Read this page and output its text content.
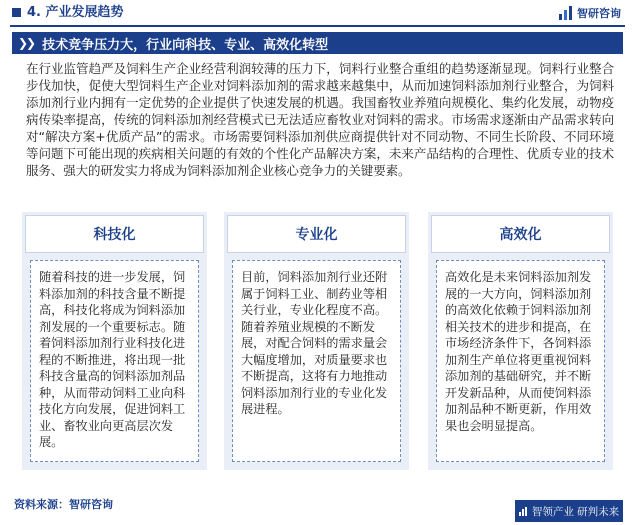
4. 产业发展趋势	智研咨询
❯❯ 技术竞争压力大，行业向科技、专业、高效化转型

在行业监管趋严及饲料生产企业经营利润较薄的压力下，饲料行业整合重组的趋势逐渐显现。饲料行业整合步伐加快，促使大型饲料生产企业对饲料添加剂的需求越来越集中，从而加速饲料添加剂行业整合，为饲料添加剂行业内拥有一定优势的企业提供了快速发展的机遇。我国畜牧业养殖向规模化、集约化发展，动物疫病传染率提高，传统的饲料添加剂经营模式已无法适应畜牧业对饲料的需求。市场需求逐渐由产品需求转向对“解决方案+优质产品”的需求。市场需要饲料添加剂供应商提供针对不同动物、不同生长阶段、不同环境等问题下可能出现的疾病相关问题的有效的个性化产品解决方案，未来产品结构的合理性、优质专业的技术服务、强大的研发实力将成为饲料添加剂企业核心竞争力的关键要素。

科技化
随着科技的进一步发展，饲料添加剂的科技含量不断提高，科技化将成为饲料添加剂发展的一个重要标志。随着饲料添加剂行业科技化进程的不断推进，将出现一批科技含量高的饲料添加剂品种，从而带动饲料工业向科技化方向发展，促进饲料工业、畜牧业向更高层次发展。
专业化
目前，饲料添加剂行业还附属于饲料工业、制药业等相关行业，专业化程度不高。随着养殖业规模的不断发展，对配合饲料的需求量会大幅度增加，对质量要求也不断提高，这将有力地推动饲料添加剂行业的专业化发展进程。
高效化
高效化是未来饲料添加剂发展的一大方向，饲料添加剂的高效化依赖于饲料添加剂相关技术的进步和提高，在市场经济条件下，各饲料添加剂生产单位将更重视饲料添加剂的基础研究，并不断开发新品种，从而使饲料添加剂品种不断更新，作用效果也会明显提高。
资料来源：智研咨询
智领产业 研判未来
